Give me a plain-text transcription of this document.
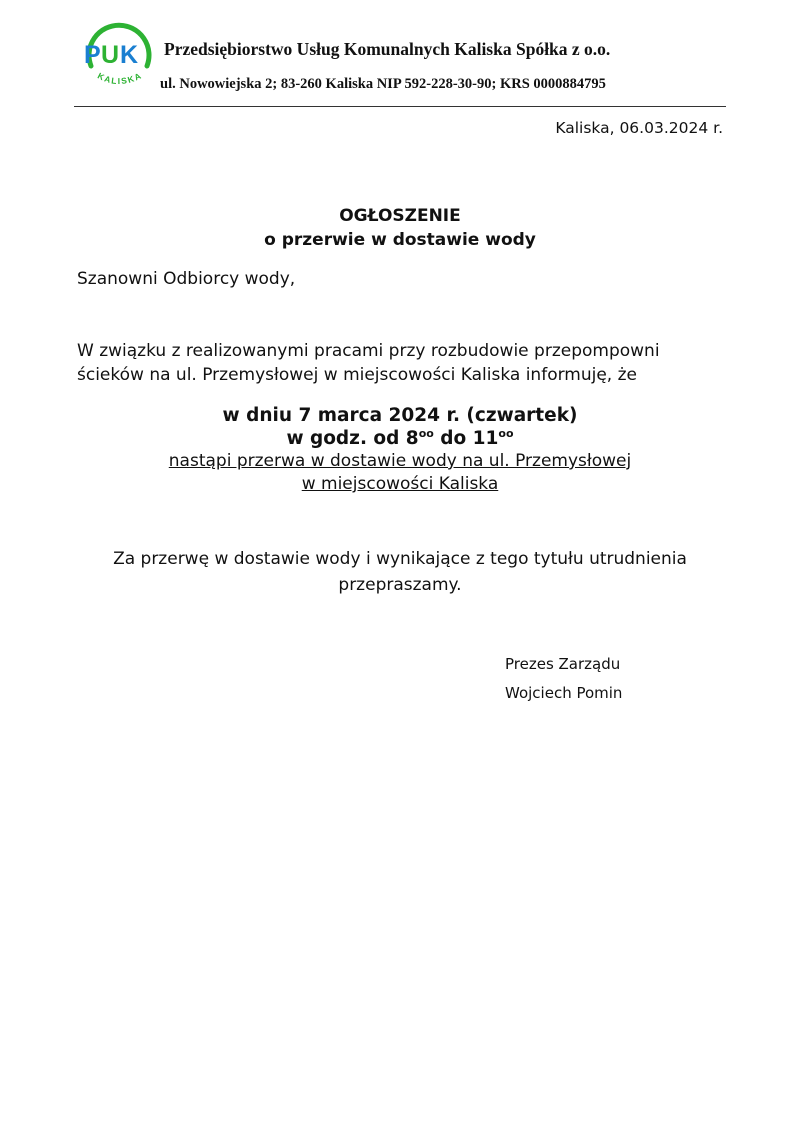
P U K
KALISKA
Przedsiębiorstwo Usług Komunalnych Kaliska Spółka z o.o.
ul. Nowowiejska 2; 83-260 Kaliska NIP 592-228-30-90; KRS 0000884795
Kaliska, 06.03.2024 r.
OGŁOSZENIE
o przerwie w dostawie wody
Szanowni Odbiorcy wody,
W związku z realizowanymi pracami przy rozbudowie przepompowni
ścieków na ul. Przemysłowej w miejscowości Kaliska informuję, że
w dniu 7 marca 2024 r. (czwartek)
w godz. od $8^{oo}$ do $11^{oo}$
nastąpi przerwa w dostawie wody na ul. Przemysłowej
w miejscowości Kaliska
Za przerwę w dostawie wody i wynikające z tego tytułu utrudnienia
przepraszamy.
Prezes Zarządu
Wojciech Pomin
